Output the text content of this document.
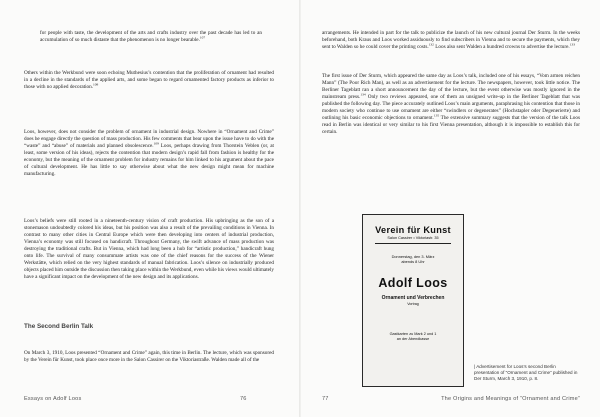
for people with taste, the development of the arts and crafts industry over the past decade has led to an accumulation of so much distaste that the phenomenon is no longer bearable.$^{107}$

Others within the Werkbund were soon echoing Muthesius’s contention that the proliferation of ornament had resulted in a decline in the standards of the applied arts, and some began to regard ornamented factory products as inferior to those with no applied decoration.$^{108}$

Loos, however, does not consider the problem of ornament in industrial design. Nowhere in “Ornament and Crime” does he engage directly the question of mass production. His few comments that bear upon the issue have to do with the “waste” and “abuse” of materials and planned obsolescence.$^{109}$ Loos, perhaps drawing from Thorstein Veblen (or, at least, some version of his ideas), rejects the contention that modern design’s rapid fall from fashion is healthy for the economy, but the meaning of the ornament problem for industry remains for him linked to his argument about the pace of cultural development. He has little to say otherwise about what the new design might mean for machine manufacturing.

Loos’s beliefs were still rooted in a nineteenth-century vision of craft production. His upbringing as the son of a stonemason undoubtedly colored his ideas, but his position was also a result of the prevailing conditions in Vienna. In contrast to many other cities in Central Europe which were then developing into centers of industrial production, Vienna’s economy was still focused on handicraft. Throughout Germany, the swift advance of mass production was destroying the traditional crafts. But in Vienna, which had long been a hub for “artistic production,” handicraft hung onto life. The survival of many consummate artists was one of the chief reasons for the success of the Wiener Werkstätte, which relied on the very highest standards of manual fabrication. Loos’s silence on industrially produced objects placed him outside the discussion then taking place within the Werkbund, even while his views would ultimately have a significant impact on the development of the new design and its applications.

The Second Berlin Talk

On March 3, 1910, Loos presented “Ornament and Crime” again, this time in Berlin. The lecture, which was sponsored by the Verein für Kunst, took place once more in the Salon Cassirer on the Viktoriastraße. Walden made all of the

Essays on Adolf Loos	76

arrangements. He intended in part for the talk to publicize the launch of his new cultural journal Der Sturm. In the weeks beforehand, both Kraus and Loos worked assiduously to find subscribers in Vienna and to secure the payments, which they sent to Walden so he could cover the printing costs.$^{132}$ Loos also sent Walden a hundred crowns to advertise the lecture.$^{133}$

The first issue of Der Sturm, which appeared the same day as Loos’s talk, included one of his essays, “Vom armen reichen Mann” (The Poor Rich Man), as well as an advertisement for the lecture. The newspapers, however, took little notice. The Berliner Tageblatt ran a short announcement the day of the lecture, but the event otherwise was mostly ignored in the mainstream press.$^{134}$ Only two reviews appeared, one of them an unsigned write-up in the Berliner Tageblatt that was published the following day. The piece accurately outlined Loos’s main arguments, paraphrasing his contention that those in modern society who continue to use ornament are either “swindlers or degenerates” (Hochstapler oder Degenerierte) and outlining his basic economic objections to ornament.$^{135}$ The extensive summary suggests that the version of the talk Loos read in Berlin was identical or very similar to his first Vienna presentation, although it is impossible to establish this for certain.

Verein für Kunst
Salon Cassirer • Viktoriastr. 35
Donnerstag, den 3. März
abends 8 Uhr
Adolf Loos
Ornament und Verbrechen
Vortrag
Gastkarten zu Mark 2 und 1
an der Abendkasse

| Advertisement for Loos’s second Berlin presentation of “Ornament and Crime” published in Der Sturm, March 3, 1910, p. 8.

77	The Origins and Meanings of “Ornament and Crime”
